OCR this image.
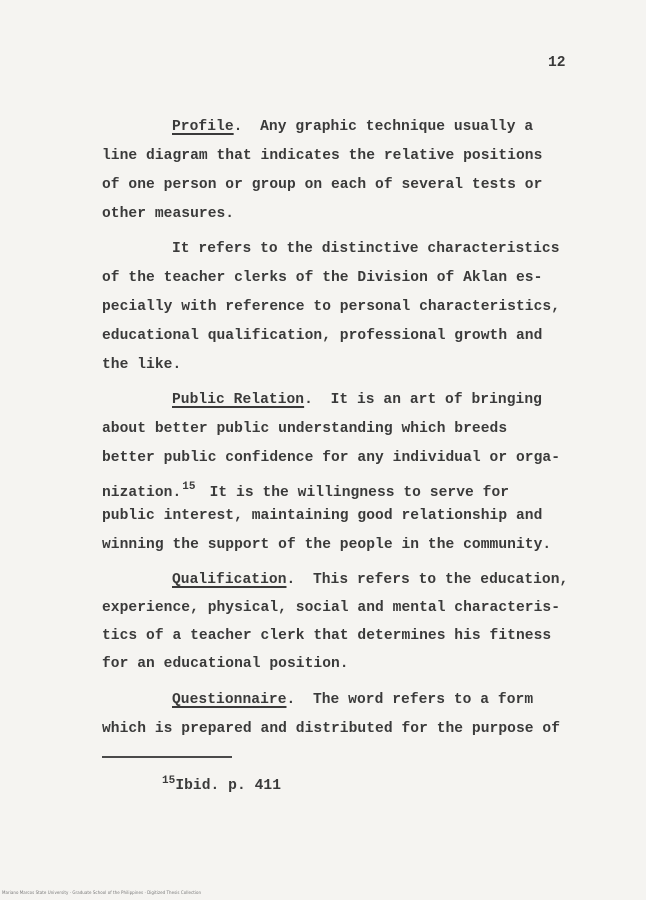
12
Profile.  Any graphic technique usually a
line diagram that indicates the relative positions
of one person or group on each of several tests or
other measures.
It refers to the distinctive characteristics
of the teacher clerks of the Division of Aklan es-
pecially with reference to personal characteristics,
educational qualification, professional growth and
the like.
Public Relation.  It is an art of bringing
about better public understanding which breeds
better public confidence for any individual or orga-
nization.$^{15}$ It is the willingness to serve for
public interest, maintaining good relationship and
winning the support of the people in the community.
Qualification.  This refers to the education,
experience, physical, social and mental characteris-
tics of a teacher clerk that determines his fitness
for an educational position.
Questionnaire.  The word refers to a form
which is prepared and distributed for the purpose of
$^{15}$Ibid. p. 411
Mariano Marcos State University · Graduate School of the Philippines · Digitized Thesis Collection
